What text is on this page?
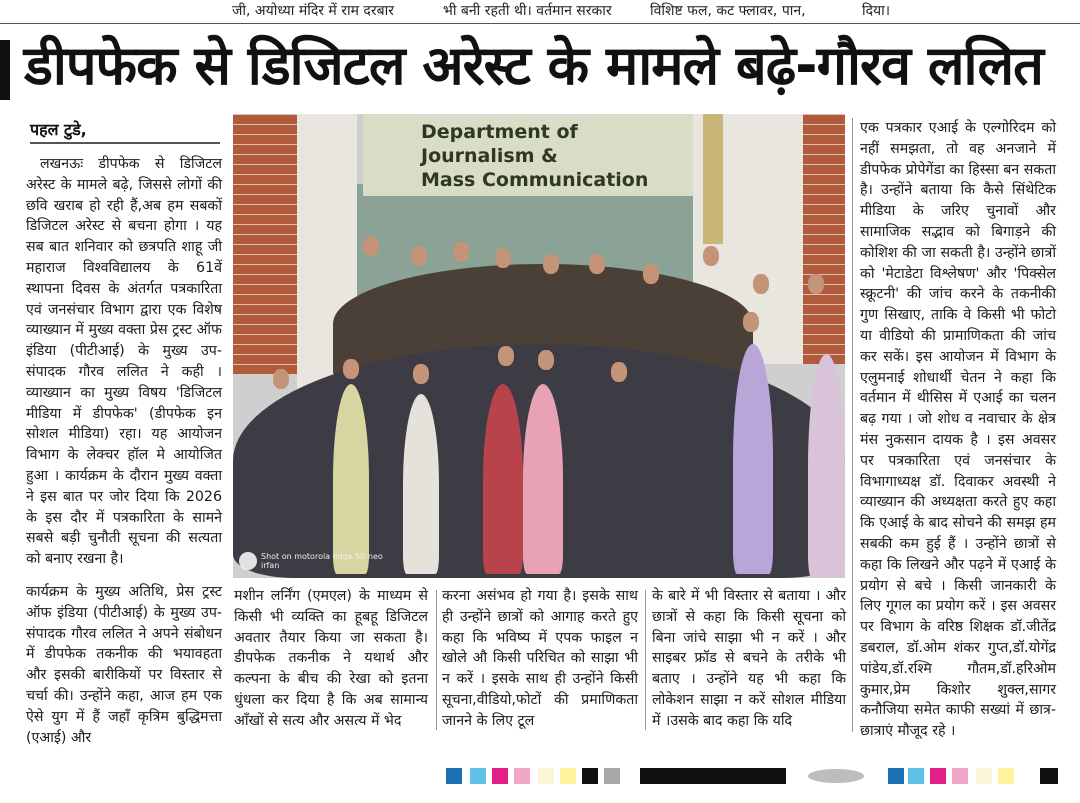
जी, अयोध्या मंदिर में राम दरबार	भी बनी रहती थी। वर्तमान सरकार	विशिष्ट फल, कट फ्लावर, पान,	दिया।
डीपफेक से डिजिटल अरेस्ट के मामले बढ़े-गौरव ललित
पहल टुडे,

लखनऊः डीपफेक से डिजिटल अरेस्ट के मामले बढ़े, जिससे लोगों की छवि खराब हो रही हैं,अब हम सबकों डिजिटल अरेस्ट से बचना होगा । यह सब बात शनिवार को छत्रपति शाहू जी महाराज विश्वविद्यालय के 61वें स्थापना दिवस के अंतर्गत पत्रकारिता एवं जनसंचार विभाग द्वारा एक विशेष व्याख्यान में मुख्य वक्ता प्रेस ट्रस्ट ऑफ इंडिया (पीटीआई) के मुख्य उप-संपादक गौरव ललित ने कही । व्याख्यान का मुख्य विषय 'डिजिटल मीडिया में डीपफेक' (डीपफेक इन सोशल मीडिया) रहा। यह आयोजन विभाग के लेक्चर हॉल मे आयोजित हुआ । कार्यक्रम के दौरान मुख्य वक्ता ने इस बात पर जोर दिया कि 2026 के इस दौर में पत्रकारिता के सामने सबसे बड़ी चुनौती सूचना की सत्यता को बनाए रखना है।

कार्यक्रम के मुख्य अतिथि, प्रेस ट्रस्ट ऑफ इंडिया (पीटीआई) के मुख्य उप-संपादक गौरव ललित ने अपने संबोधन में डीपफेक तकनीक की भयावहता और इसकी बारीकियों पर विस्तार से चर्चा की। उन्होंने कहा, आज हम एक ऐसे युग में हैं जहाँ कृत्रिम बुद्धिमत्ता (एआई) और

Department of Journalism &
Mass Communication
Shot on motorola edge 50 neo
irfan

मशीन लर्निंग (एमएल) के माध्यम से किसी भी व्यक्ति का हूबहू डिजिटल अवतार तैयार किया जा सकता है। डीपफेक तकनीक ने यथार्थ और कल्पना के बीच की रेखा को इतना धुंधला कर दिया है कि अब सामान्य आँखों से सत्य और असत्य में भेद

करना असंभव हो गया है। इसके साथ ही उन्होंने छात्रों को आगाह करते हुए कहा कि भविष्य में एपक फाइल न खोले औ किसी परिचित को साझा भी न करें । इसके साथ ही उन्होंने किसी सूचना,वीडियो,फोटों की प्रमाणिकता जानने के लिए टूल

के बारे में भी विस्तार से बताया । और छात्रों से कहा कि किसी सूचना को बिना जांचे साझा भी न करें । और साइबर फ्रॉड से बचने के तरीके भी बताए । उन्होंने यह भी कहा कि लोकेशन साझा न करें सोशल मीडिया में ।उसके बाद कहा कि यदि

एक पत्रकार एआई के एल्गोरिदम को नहीं समझता, तो वह अनजाने में डीपफेक प्रोपेगेंडा का हिस्सा बन सकता है। उन्होंने बताया कि कैसे सिंथेटिक मीडिया के जरिए चुनावों और सामाजिक सद्भाव को बिगाड़ने की कोशिश की जा सकती है। उन्होंने छात्रों को 'मेटाडेटा विश्लेषण' और 'पिक्सेल स्क्रूटनी' की जांच करने के तकनीकी गुण सिखाए, ताकि वे किसी भी फोटो या वीडियो की प्रामाणिकता की जांच कर सकें। इस आयोजन में विभाग के एलुमनाई शोधार्थी चेतन ने कहा कि वर्तमान में थीसिस में एआई का चलन बढ़ गया । जो शोध व नवाचार के क्षेत्र मंस नुकसान दायक है । इस अवसर पर पत्रकारिता एवं जनसंचार के विभागाध्यक्ष डॉ. दिवाकर अवस्थी ने व्याख्यान की अध्यक्षता करते हुए कहा कि एआई के बाद सोचने की समझ हम सबकी कम हुई हैं । उन्होंने छात्रों से कहा कि लिखने और पढ़ने में एआई के प्रयोग से बचे । किसी जानकारी के लिए गूगल का प्रयोग करें । इस अवसर पर विभाग के वरिष्ठ शिक्षक डॉ.जीतेंद्र डबराल, डॉ.ओम शंकर गुप्त,डॉ.योगेंद्र पांडेय,डॉ.रश्मि गौतम,डॉ.हरिओम कुमार,प्रेम किशोर शुक्ल,सागर कनौजिया समेत काफी सख्यां में छात्र-छात्राएं मौजूद रहे ।
